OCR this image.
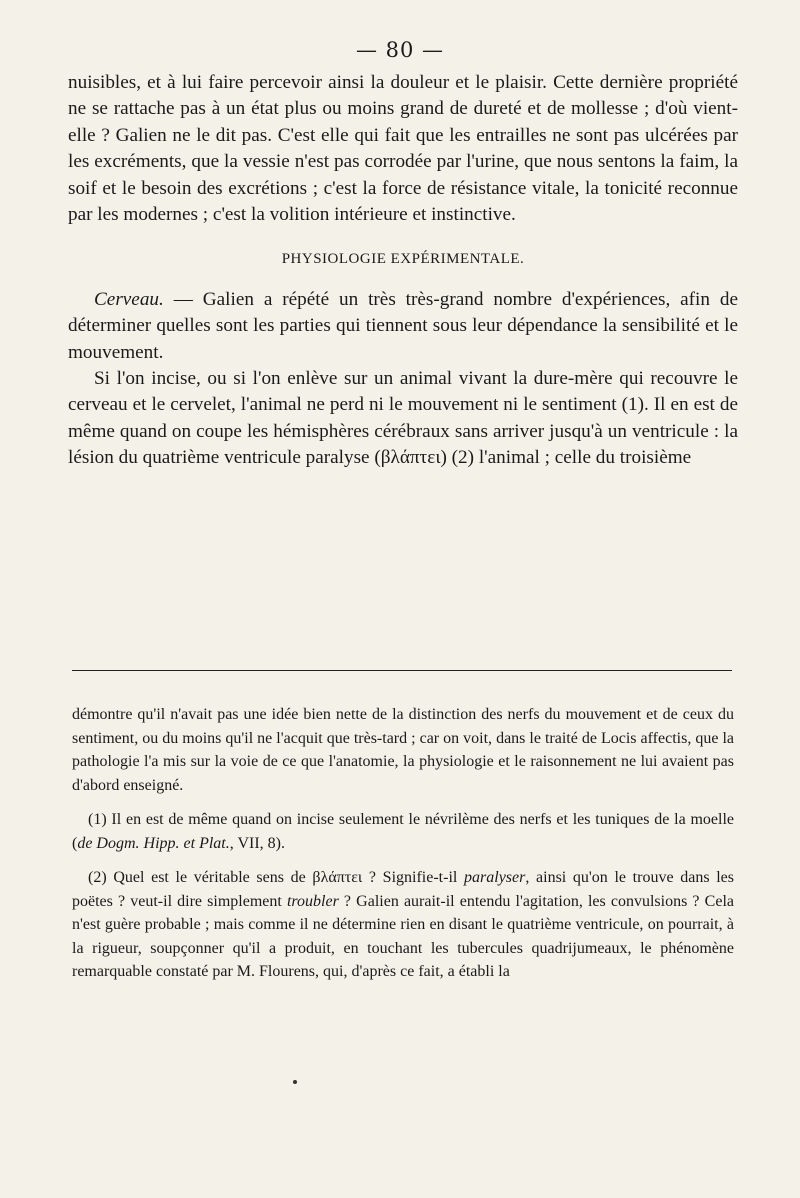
— 80 —

nuisibles, et à lui faire percevoir ainsi la douleur et le plaisir. Cette dernière propriété ne se rattache pas à un état plus ou moins grand de dureté et de mollesse ; d'où vient-elle ? Galien ne le dit pas. C'est elle qui fait que les entrailles ne sont pas ulcérées par les excréments, que la vessie n'est pas corrodée par l'urine, que nous sentons la faim, la soif et le besoin des excrétions ; c'est la force de résistance vitale, la tonicité reconnue par les modernes ; c'est la volition intérieure et instinctive.

PHYSIOLOGIE EXPÉRIMENTALE.

Cerveau. — Galien a répété un très très-grand nombre d'expériences, afin de déterminer quelles sont les parties qui tiennent sous leur dépendance la sensibilité et le mouvement.

Si l'on incise, ou si l'on enlève sur un animal vivant la dure-mère qui recouvre le cerveau et le cervelet, l'animal ne perd ni le mouvement ni le sentiment (1). Il en est de même quand on coupe les hémisphères cérébraux sans arriver jusqu'à un ventricule : la lésion du quatrième ventricule paralyse (βλάπτει) (2) l'animal ; celle du troisième

démontre qu'il n'avait pas une idée bien nette de la distinction des nerfs du mouvement et de ceux du sentiment, ou du moins qu'il ne l'acquit que très-tard ; car on voit, dans le traité de Locis affectis, que la pathologie l'a mis sur la voie de ce que l'anatomie, la physiologie et le raisonnement ne lui avaient pas d'abord enseigné.

(1) Il en est de même quand on incise seulement le névrilème des nerfs et les tuniques de la moelle (de Dogm. Hipp. et Plat., VII, 8).

(2) Quel est le véritable sens de βλάπτει ? Signifie-t-il paralyser, ainsi qu'on le trouve dans les poëtes ? veut-il dire simplement troubler ? Galien aurait-il entendu l'agitation, les convulsions ? Cela n'est guère probable ; mais comme il ne détermine rien en disant le quatrième ventricule, on pourrait, à la rigueur, soupçonner qu'il a produit, en touchant les tubercules quadrijumeaux, le phénomène remarquable constaté par M. Flourens, qui, d'après ce fait, a établi la
